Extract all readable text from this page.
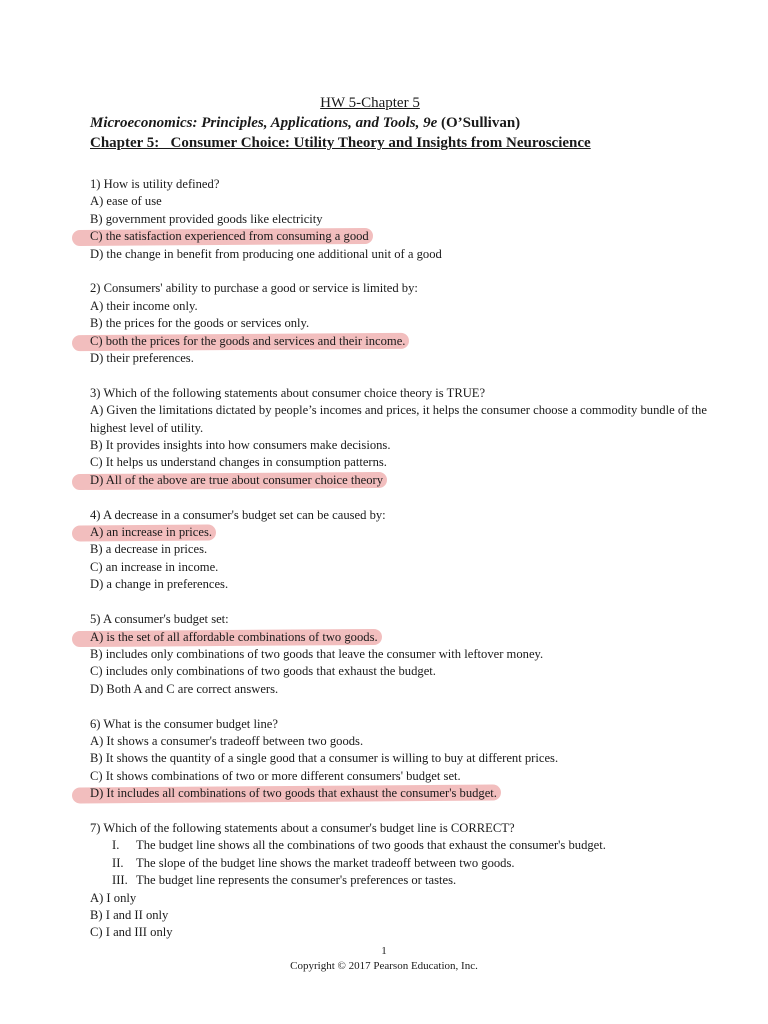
HW 5-Chapter 5
Microeconomics: Principles, Applications, and Tools, 9e (O’Sullivan)
Chapter 5:   Consumer Choice: Utility Theory and Insights from Neuroscience
1) How is utility defined?
A) ease of use
B) government provided goods like electricity
C) the satisfaction experienced from consuming a good
D) the change in benefit from producing one additional unit of a good
2) Consumers' ability to purchase a good or service is limited by:
A) their income only.
B) the prices for the goods or services only.
C) both the prices for the goods and services and their income.
D) their preferences.
3) Which of the following statements about consumer choice theory is TRUE?
A) Given the limitations dictated by people’s incomes and prices, it helps the consumer choose a commodity bundle of the highest level of utility.
B) It provides insights into how consumers make decisions.
C) It helps us understand changes in consumption patterns.
D) All of the above are true about consumer choice theory
4) A decrease in a consumer's budget set can be caused by:
A) an increase in prices.
B) a decrease in prices.
C) an increase in income.
D) a change in preferences.
5) A consumer's budget set:
A) is the set of all affordable combinations of two goods.
B) includes only combinations of two goods that leave the consumer with leftover money.
C) includes only combinations of two goods that exhaust the budget.
D) Both A and C are correct answers.
6) What is the consumer budget line?
A) It shows a consumer's tradeoff between two goods.
B) It shows the quantity of a single good that a consumer is willing to buy at different prices.
C) It shows combinations of two or more different consumers' budget set.
D) It includes all combinations of two goods that exhaust the consumer's budget.
7) Which of the following statements about a consumer's budget line is CORRECT?
I. The budget line shows all the combinations of two goods that exhaust the consumer's budget.
II. The slope of the budget line shows the market tradeoff between two goods.
III. The budget line represents the consumer's preferences or tastes.
A) I only
B) I and II only
C) I and III only
1
Copyright © 2017 Pearson Education, Inc.
